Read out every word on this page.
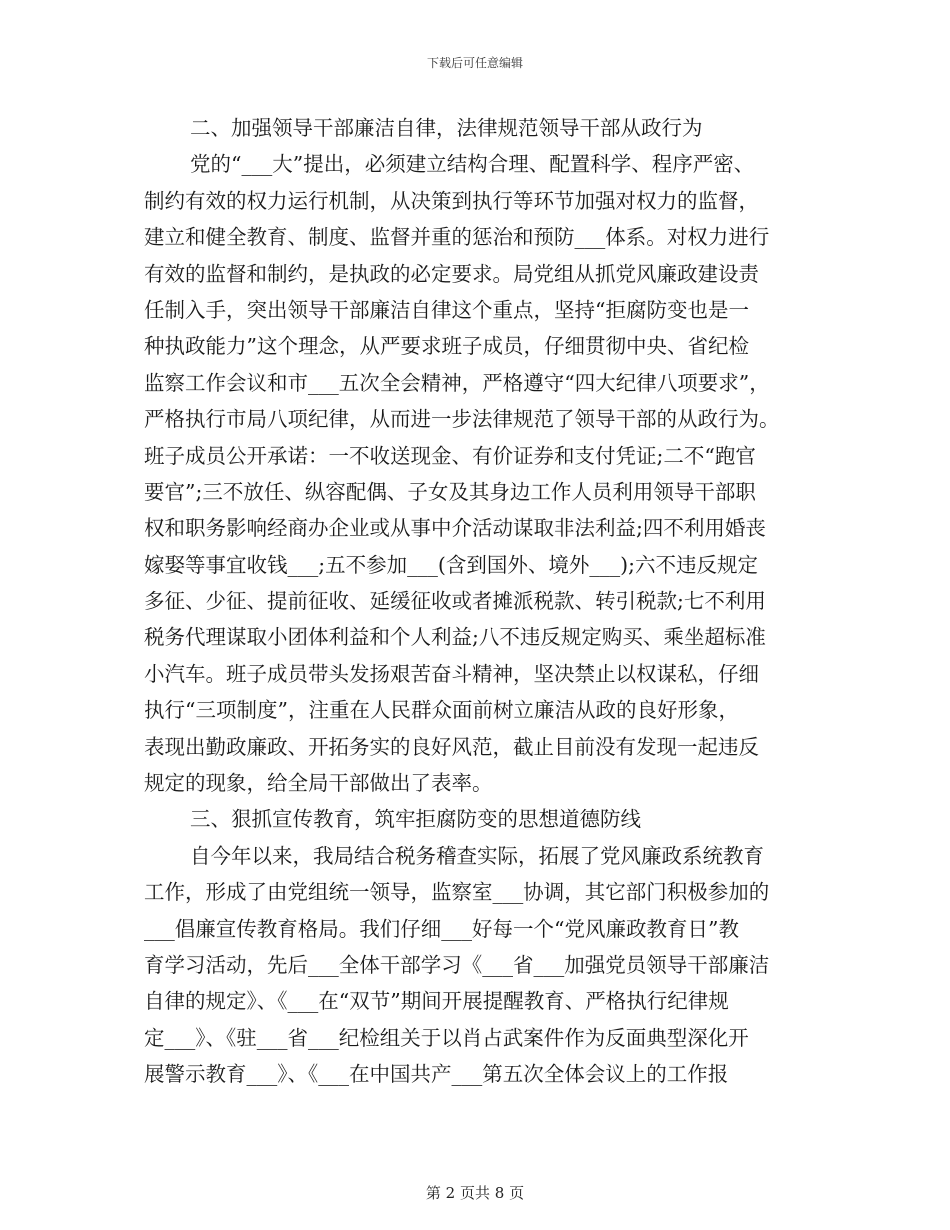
下载后可任意编辑
二、加强领导干部廉洁自律，法律规范领导干部从政行为
党的“___大”提出，必须建立结构合理、配置科学、程序严密、
制约有效的权力运行机制，从决策到执行等环节加强对权力的监督，
建立和健全教育、制度、监督并重的惩治和预防___体系。对权力进行
有效的监督和制约，是执政的必定要求。局党组从抓党风廉政建设责
任制入手，突出领导干部廉洁自律这个重点，坚持“拒腐防变也是一
种执政能力”这个理念，从严要求班子成员，仔细贯彻中央、省纪检
监察工作会议和市___五次全会精神，严格遵守“四大纪律八项要求”，
严格执行市局八项纪律，从而进一步法律规范了领导干部的从政行为。
班子成员公开承诺：一不收送现金、有价证券和支付凭证;二不“跑官
要官”;三不放任、纵容配偶、子女及其身边工作人员利用领导干部职
权和职务影响经商办企业或从事中介活动谋取非法利益;四不利用婚丧
嫁娶等事宜收钱___;五不参加___(含到国外、境外___);六不违反规定
多征、少征、提前征收、延缓征收或者摊派税款、转引税款;七不利用
税务代理谋取小团体利益和个人利益;八不违反规定购买、乘坐超标准
小汽车。班子成员带头发扬艰苦奋斗精神，坚决禁止以权谋私，仔细
执行“三项制度”，注重在人民群众面前树立廉洁从政的良好形象，
表现出勤政廉政、开拓务实的良好风范，截止目前没有发现一起违反
规定的现象，给全局干部做出了表率。
三、狠抓宣传教育，筑牢拒腐防变的思想道德防线
自今年以来，我局结合税务稽查实际，拓展了党风廉政系统教育
工作，形成了由党组统一领导，监察室___协调，其它部门积极参加的
___倡廉宣传教育格局。我们仔细___好每一个“党风廉政教育日”教
育学习活动，先后___全体干部学习《___省___加强党员领导干部廉洁
自律的规定》、《___在“双节”期间开展提醒教育、严格执行纪律规
定___》、《驻___省___纪检组关于以肖占武案件作为反面典型深化开
展警示教育___》、《___在中国共产___第五次全体会议上的工作报
第 2 页共 8 页
